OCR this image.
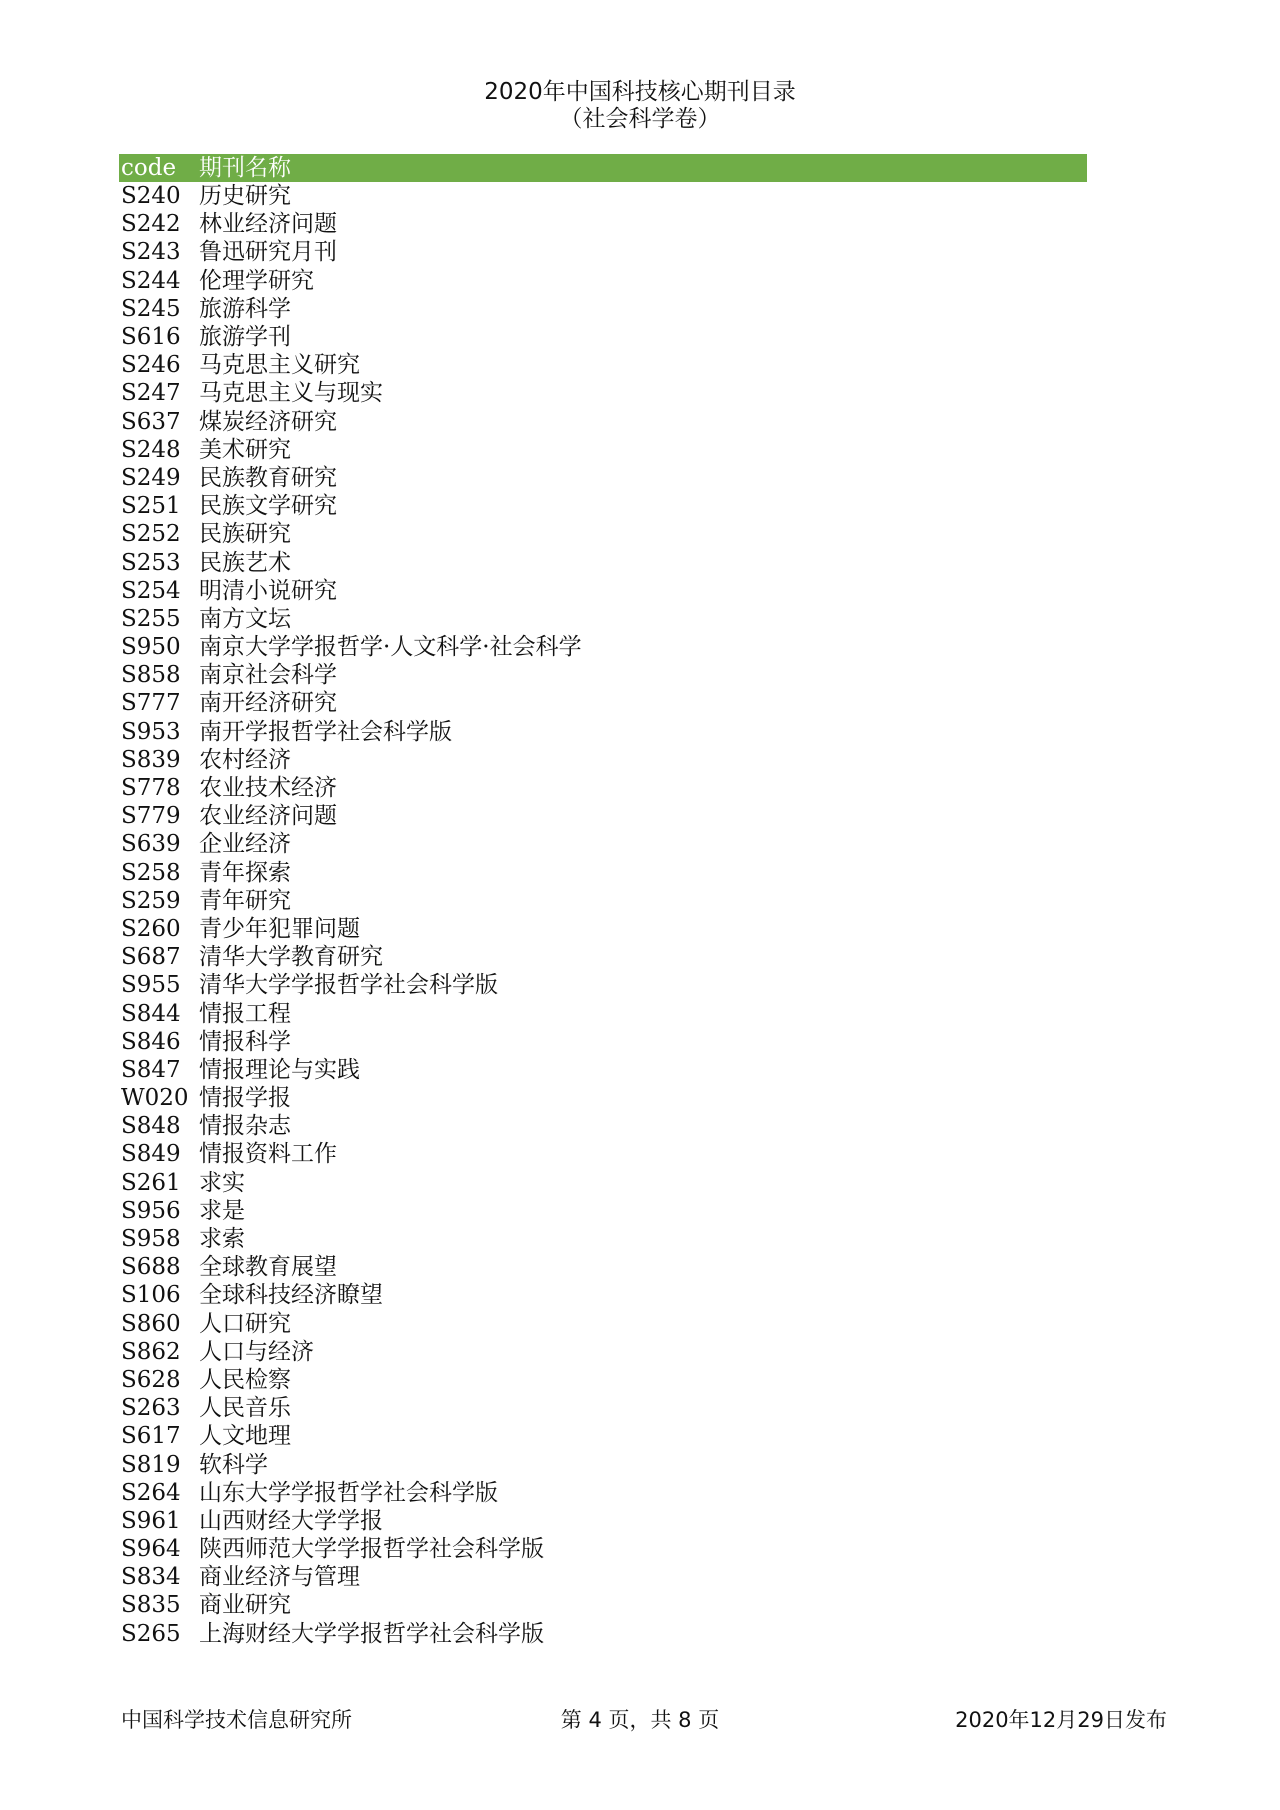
2020年中国科技核心期刊目录
（社会科学卷）
code 期刊名称
S240 历史研究
S242 林业经济问题
S243 鲁迅研究月刊
S244 伦理学研究
S245 旅游科学
S616 旅游学刊
S246 马克思主义研究
S247 马克思主义与现实
S637 煤炭经济研究
S248 美术研究
S249 民族教育研究
S251 民族文学研究
S252 民族研究
S253 民族艺术
S254 明清小说研究
S255 南方文坛
S950 南京大学学报哲学·人文科学·社会科学
S858 南京社会科学
S777 南开经济研究
S953 南开学报哲学社会科学版
S839 农村经济
S778 农业技术经济
S779 农业经济问题
S639 企业经济
S258 青年探索
S259 青年研究
S260 青少年犯罪问题
S687 清华大学教育研究
S955 清华大学学报哲学社会科学版
S844 情报工程
S846 情报科学
S847 情报理论与实践
W020 情报学报
S848 情报杂志
S849 情报资料工作
S261 求实
S956 求是
S958 求索
S688 全球教育展望
S106 全球科技经济瞭望
S860 人口研究
S862 人口与经济
S628 人民检察
S263 人民音乐
S617 人文地理
S819 软科学
S264 山东大学学报哲学社会科学版
S961 山西财经大学学报
S964 陕西师范大学学报哲学社会科学版
S834 商业经济与管理
S835 商业研究
S265 上海财经大学学报哲学社会科学版
中国科学技术信息研究所	第 4 页，共 8 页	2020年12月29日发布
